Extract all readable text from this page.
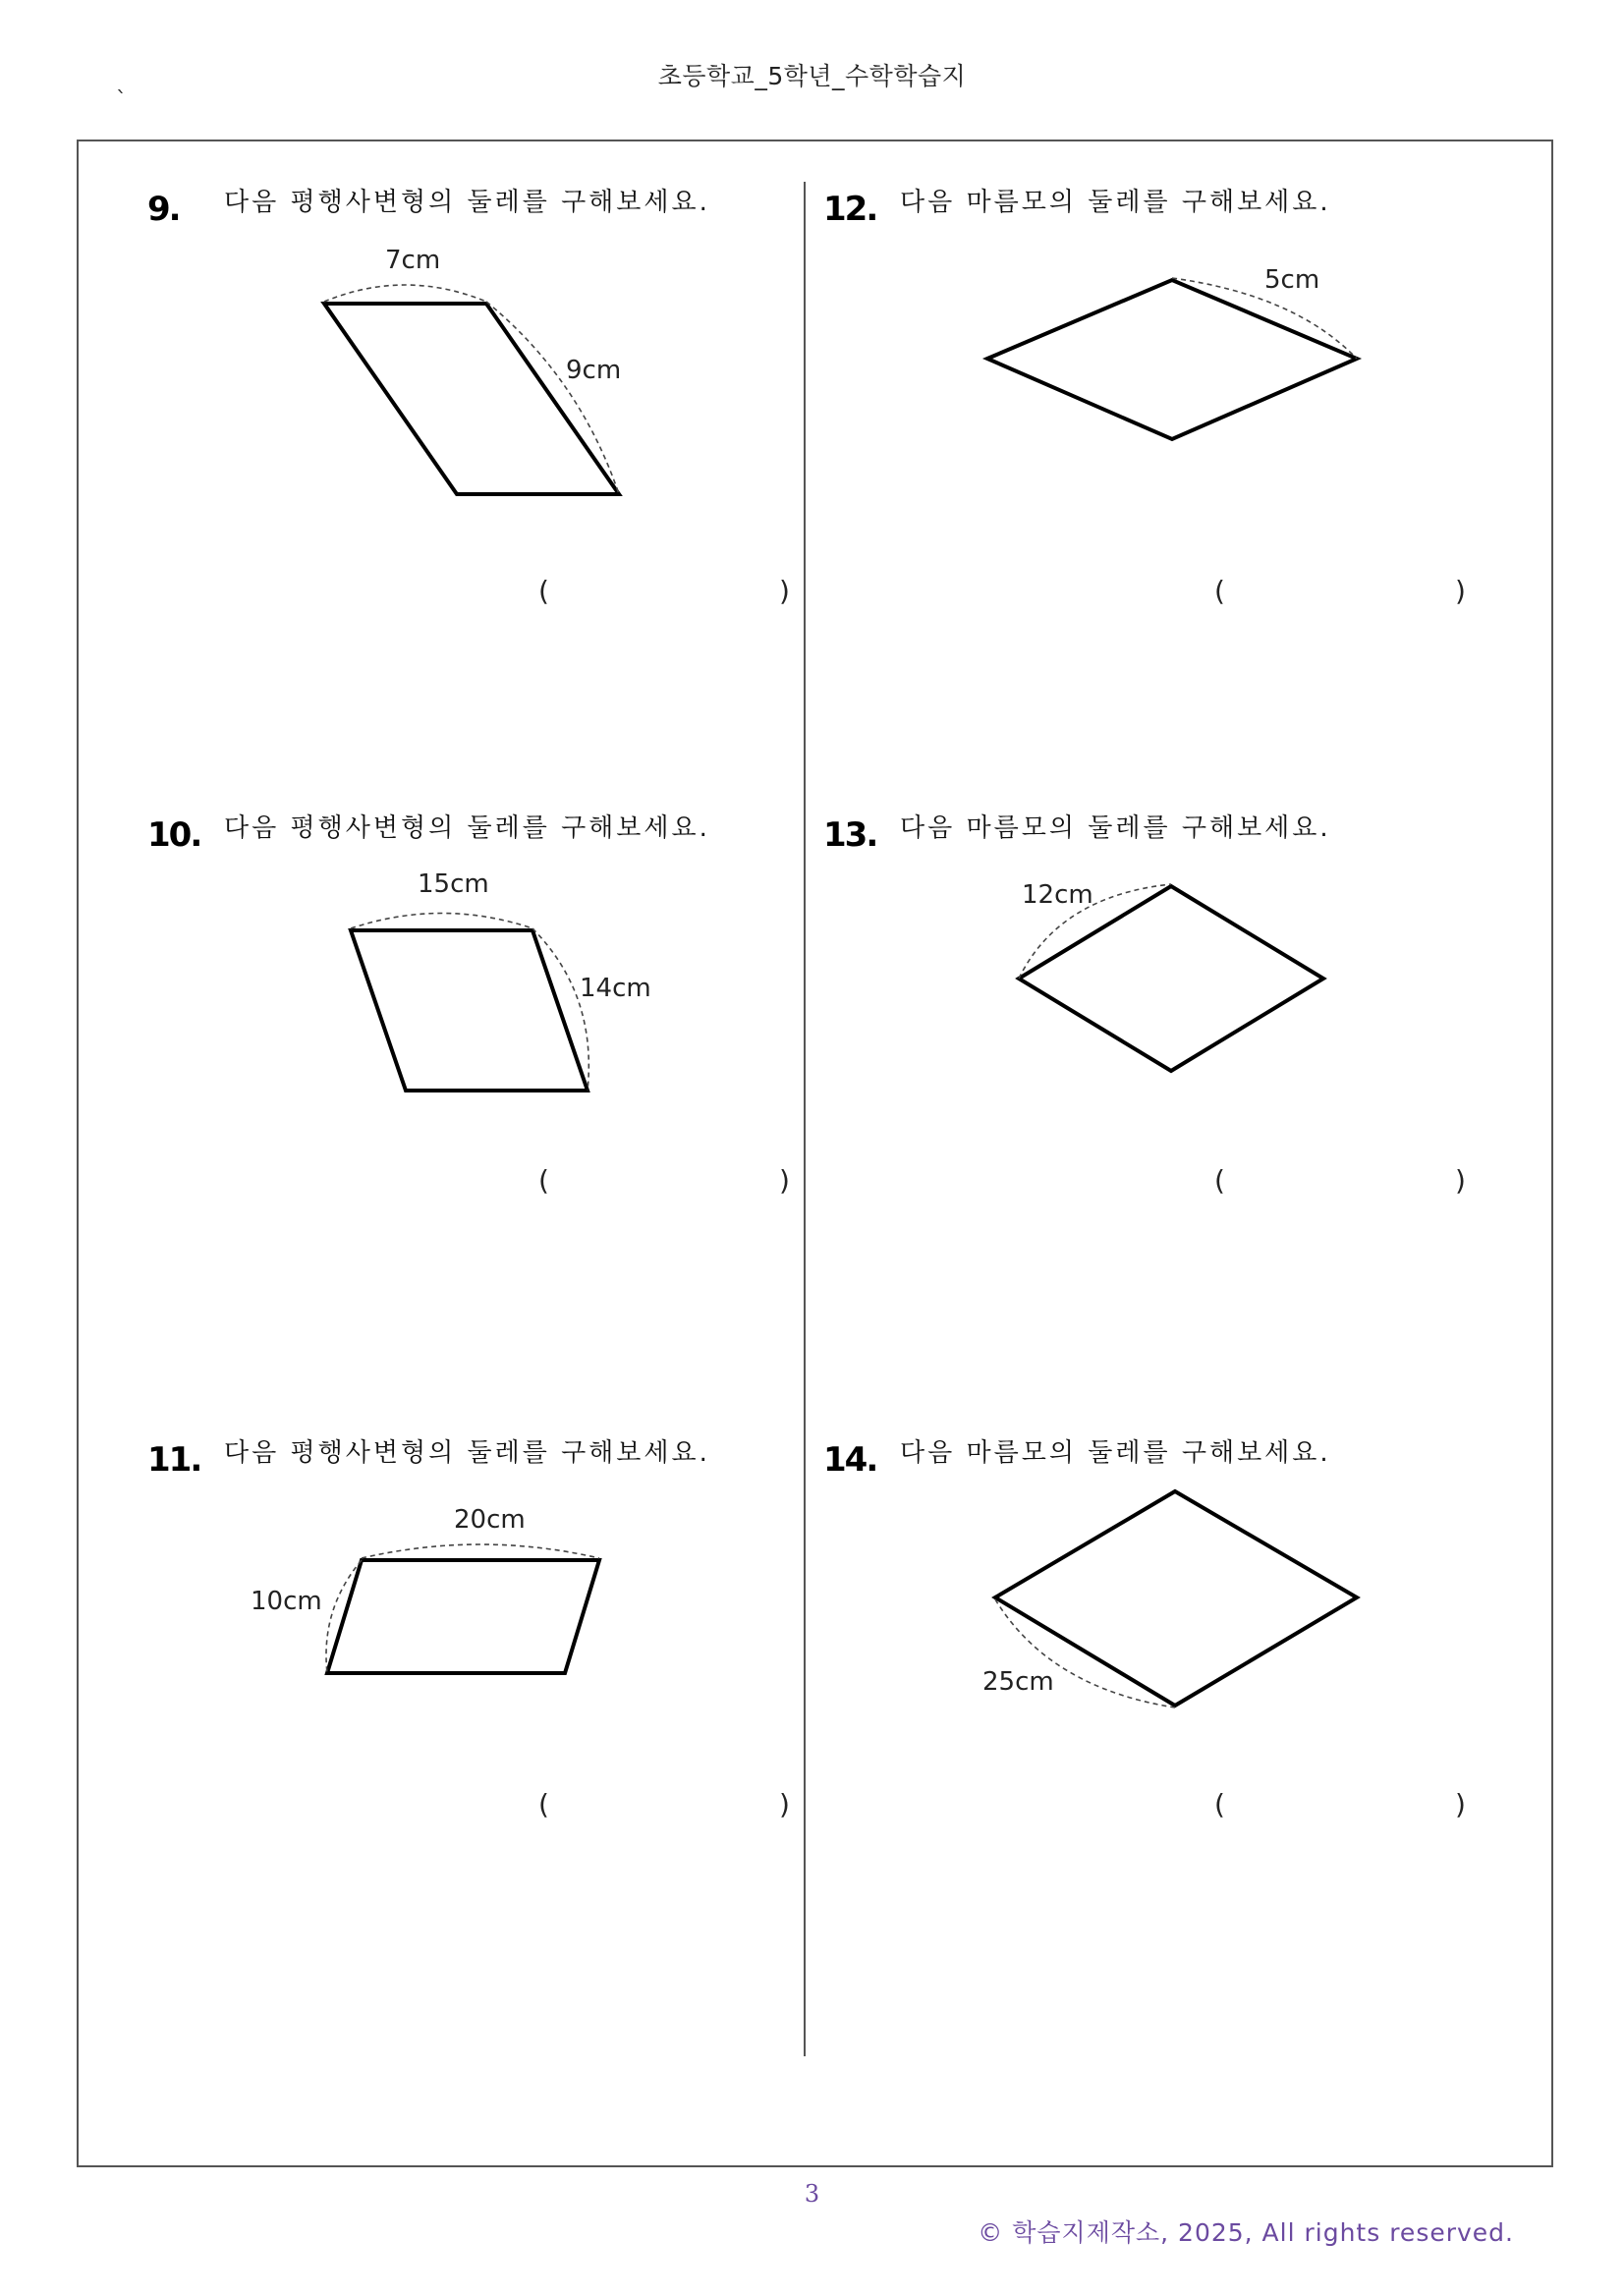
초등학교_5학년_수학학습지
`
9. 다음 평행사변형의 둘레를 구해보세요.
7cm
9cm
(	)
10. 다음 평행사변형의 둘레를 구해보세요.
15cm
14cm
(	)
11. 다음 평행사변형의 둘레를 구해보세요.
20cm
10cm
(	)
12. 다음 마름모의 둘레를 구해보세요.
5cm
(	)
13. 다음 마름모의 둘레를 구해보세요.
12cm
(	)
14. 다음 마름모의 둘레를 구해보세요.
25cm
(	)
3
© 학습지제작소, 2025, All rights reserved.
